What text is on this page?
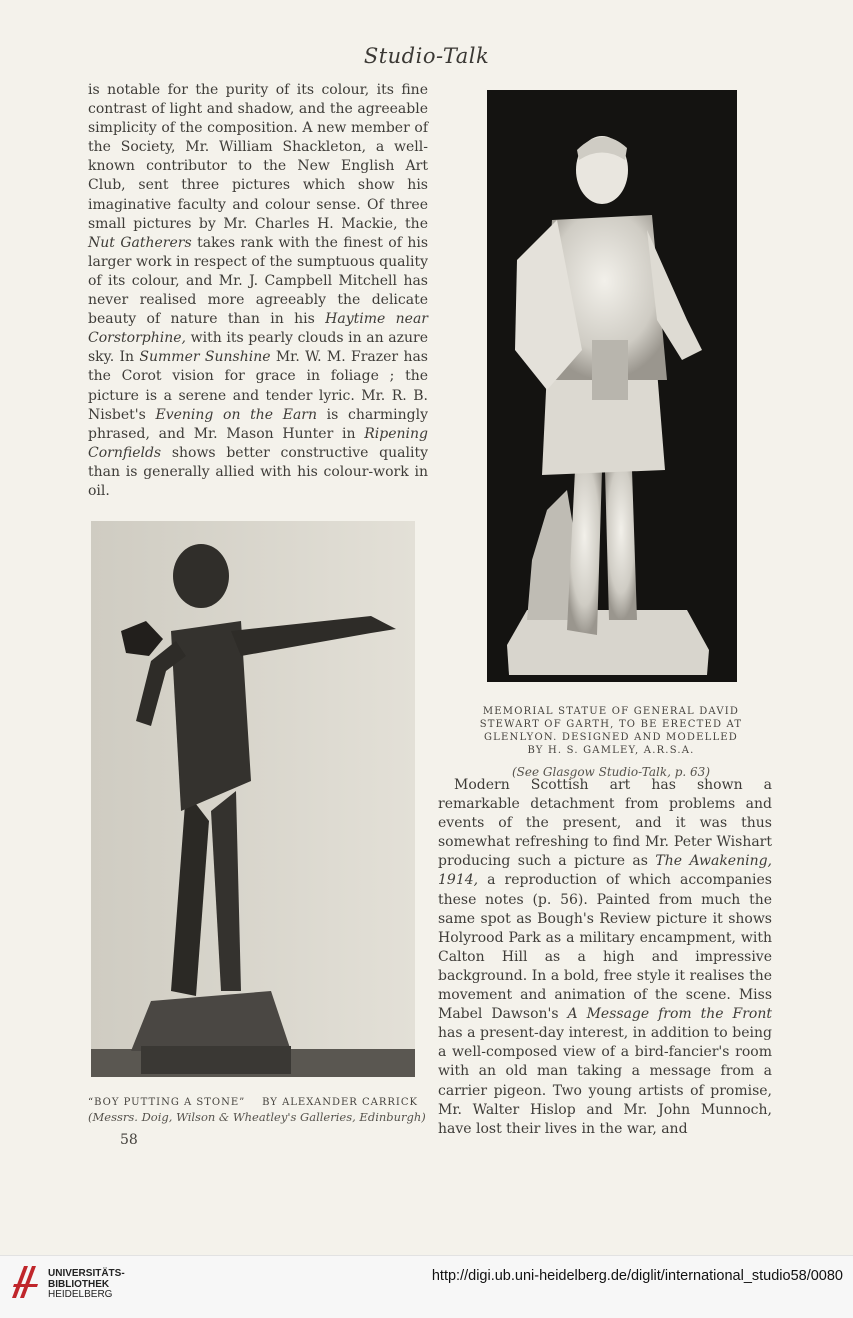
Studio-Talk

is notable for the purity of its colour, its fine contrast of light and shadow, and the agreeable simplicity of the composition. A new member of the Society, Mr. William Shackleton, a well-known contributor to the New English Art Club, sent three pictures which show his imaginative faculty and colour sense. Of three small pictures by Mr. Charles H. Mackie, the Nut Gatherers takes rank with the finest of his larger work in respect of the sumptuous quality of its colour, and Mr. J. Campbell Mitchell has never realised more agreeably the delicate beauty of nature than in his Haytime near Corstorphine, with its pearly clouds in an azure sky. In Summer Sunshine Mr. W. M. Frazer has the Corot vision for grace in foliage ; the picture is a serene and tender lyric. Mr. R. B. Nisbet's Evening on the Earn is charmingly phrased, and Mr. Mason Hunter in Ripening Cornfields shows better constructive quality than is generally allied with his colour-work in oil.

MEMORIAL STATUE OF GENERAL DAVID
STEWART OF GARTH, TO BE ERECTED AT
GLENLYON. DESIGNED AND MODELLED
BY H. S. GAMLEY, A.R.S.A.
(See Glasgow Studio-Talk, p. 63)

Modern Scottish art has shown a remarkable detachment from problems and events of the present, and it was thus somewhat refreshing to find Mr. Peter Wishart producing such a picture as The Awakening, 1914, a reproduction of which accompanies these notes (p. 56). Painted from much the same spot as Bough's Review picture it shows Holyrood Park as a military encampment, with Calton Hill as a high and impressive background. In a bold, free style it realises the movement and animation of the scene. Miss Mabel Dawson's A Message from the Front has a present-day interest, in addition to being a well-composed view of a bird-fancier's room with an old man taking a message from a carrier pigeon. Two young artists of promise, Mr. Walter Hislop and Mr. John Munnoch, have lost their lives in the war, and

“BOY PUTTING A STONE” BY ALEXANDER CARRICK
(Messrs. Doig, Wilson & Wheatley's Galleries, Edinburgh)
58
UNIVERSITÄTS-
BIBLIOTHEK
HEIDELBERG
http://digi.ub.uni-heidelberg.de/diglit/international_studio58/0080
